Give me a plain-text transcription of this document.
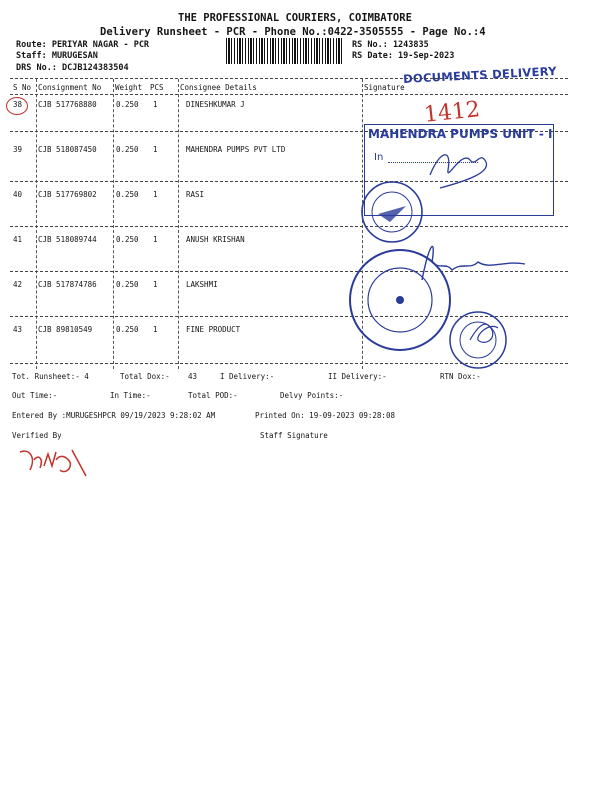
THE PROFESSIONAL COURIERS, COIMBATORE
Delivery Runsheet - PCR - Phone No.:0422-3505555 - Page No.:4
Route: PERIYAR NAGAR - PCR
Staff: MURUGESAN
DRS No.: DCJB124383504
RS No.: 1243835
RS Date: 19-Sep-2023
S No Consignment No Weight PCS Consignee Details	Signature
38 CJB 517768880	0.250 1	DINESHKUMAR J
39 CJB 518087450	0.250 1	MAHENDRA PUMPS PVT LTD
40 CJB 517769802	0.250 1	RASI
41 CJB 518089744	0.250 1	ANUSH KRISHAN
42 CJB 517874786	0.250 1	LAKSHMI
43 CJB 89810549	0.250 1	FINE PRODUCT
Tot. Runsheet:- 4	Total Dox:- 43	I Delivery:-	II Delivery:-	RTN Dox:-
Out Time:-	In Time:-	Total POD:-	Delvy Points:-
Entered By :MURUGESHPCR 09/19/2023 9:28:02 AM	Printed On: 19-09-2023 09:28:08
Verified By	Staff Signature
DOCUMENTS DELIVERY
1412
MAHENDRA PUMPS UNIT - I
In
